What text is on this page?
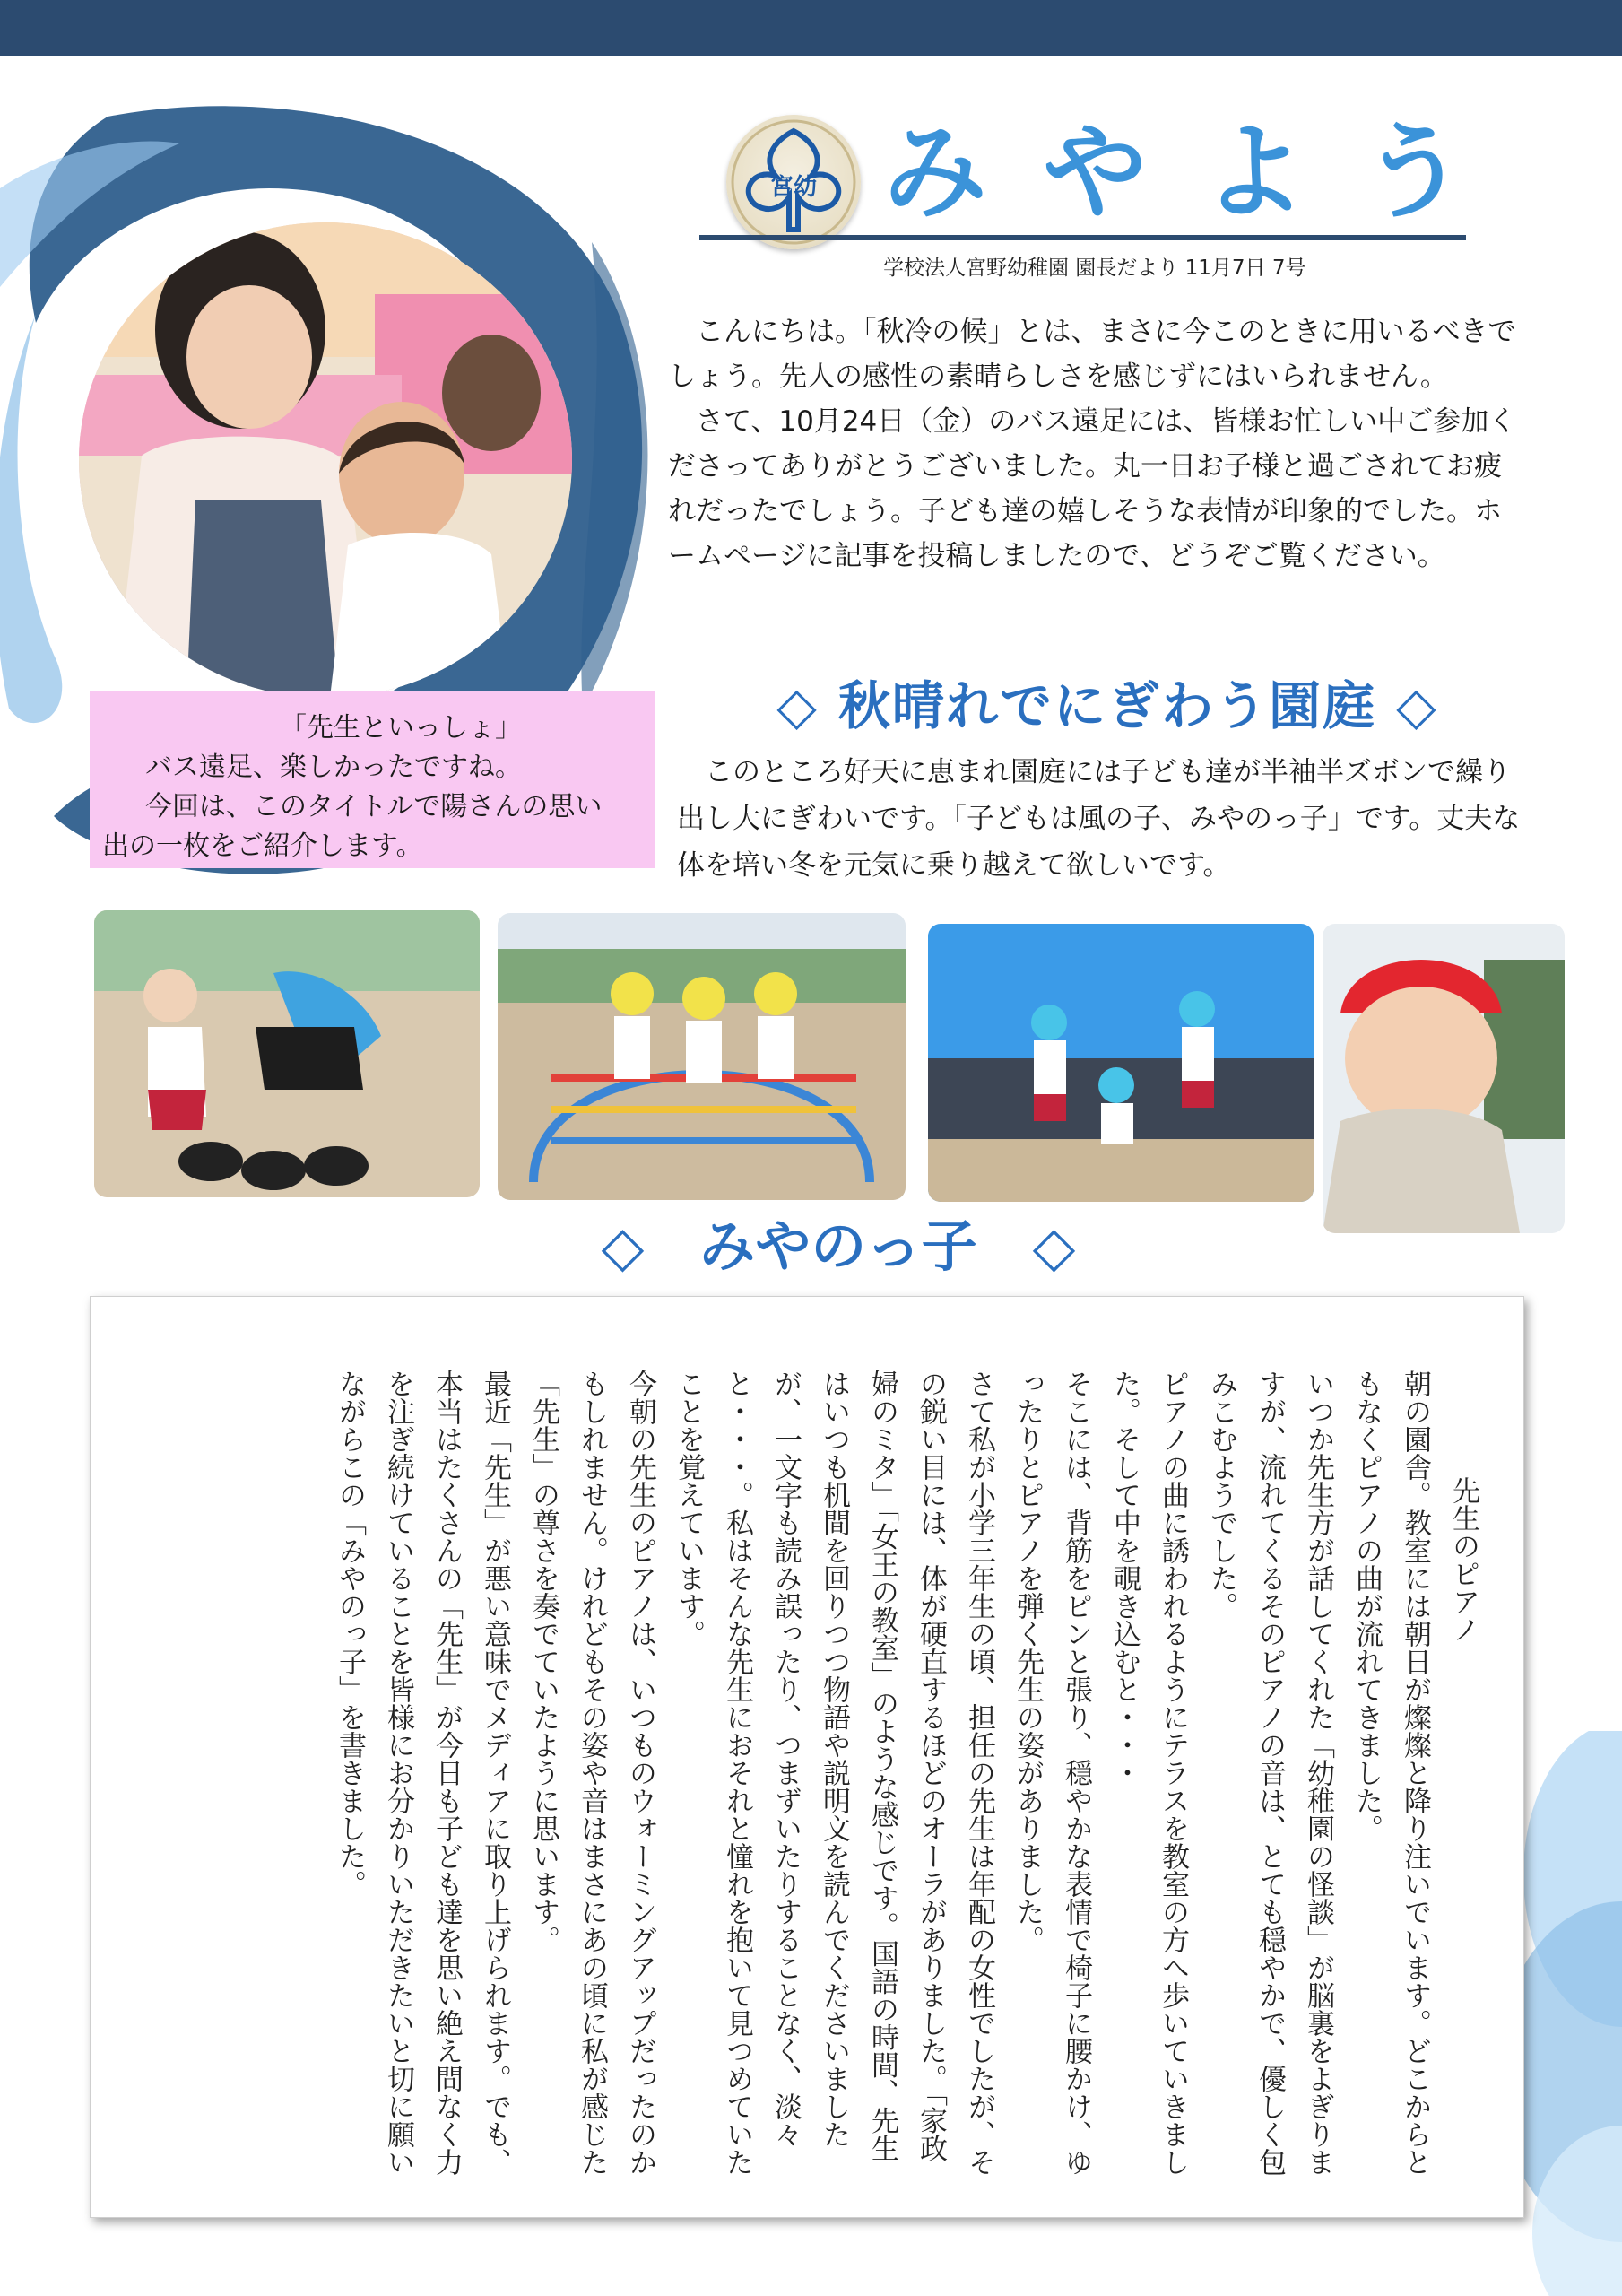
宮幼 みやよう
学校法人宮野幼稚園 園長だより 11月7日 7号

　こんにちは。「秋冷の候」とは、まさに今このときに用いるべきでしょう。先人の感性の素晴らしさを感じずにはいられません。

　さて、10月24日（金）のバス遠足には、皆様お忙しい中ご参加くださってありがとうございました。丸一日お子様と過ごされてお疲れだったでしょう。子ども達の嬉しそうな表情が印象的でした。ホームページに記事を投稿しましたので、どうぞご覧ください。

「先生といっしょ」
バス遠足、楽しかったですね。
今回は、このタイトルで陽さんの思い
出の一枚をご紹介します。
◇ 秋晴れでにぎわう園庭 ◇
　このところ好天に恵まれ園庭には子ども達が半袖半ズボンで繰り出し大にぎわいです。「子どもは風の子、みやのっ子」です。丈夫な体を培い冬を元気に乗り越えて欲しいです。
◇　みやのっ子　◇

先生のピアノ

朝の園舎。教室には朝日が燦燦と降り注いでいます。どこからともなくピアノの曲が流れてきました。

いつか先生方が話してくれた「幼稚園の怪談」が脳裏をよぎりますが、流れてくるそのピアノの音は、とても穏やかで、優しく包みこむようでした。

ピアノの曲に誘われるようにテラスを教室の方へ歩いていきました。そして中を覗き込むと・・・

そこには、背筋をピンと張り、穏やかな表情で椅子に腰かけ、ゆったりとピアノを弾く先生の姿がありました。

さて私が小学三年生の頃、担任の先生は年配の女性でしたが、その鋭い目には、体が硬直するほどのオーラがありました。「家政婦のミタ」「女王の教室」のような感じです。国語の時間、先生はいつも机間を回りつつ物語や説明文を読んでくださいましたが、一文字も読み誤ったり、つまずいたりすることなく、淡々と・・・。私はそんな先生におそれと憧れを抱いて見つめていたことを覚えています。

今朝の先生のピアノは、いつものウォーミングアップだったのかもしれません。けれどもその姿や音はまさにあの頃に私が感じた「先生」の尊さを奏でていたように思います。

最近「先生」が悪い意味でメディアに取り上げられます。でも、本当はたくさんの「先生」が今日も子ども達を思い絶え間なく力を注ぎ続けていることを皆様にお分かりいただきたいと切に願いながらこの「みやのっ子」を書きました。
